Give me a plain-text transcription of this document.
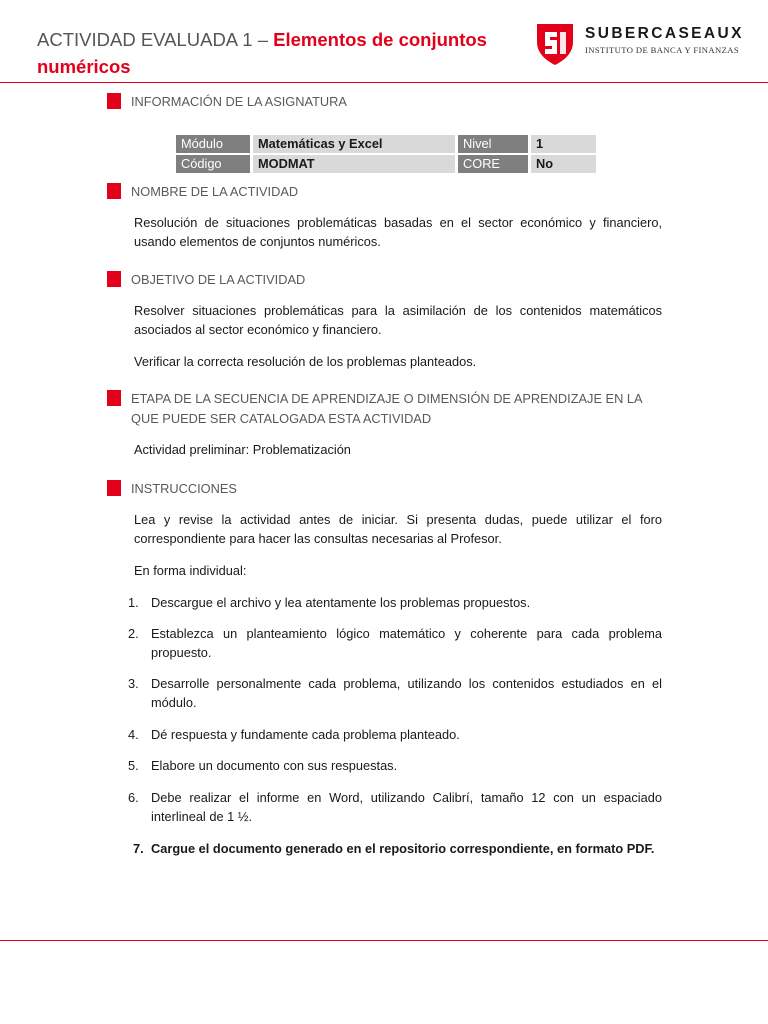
ACTIVIDAD EVALUADA 1 – Elementos de conjuntos numéricos
SUBERCASEAUX
INSTITUTO DE BANCA Y FINANZAS
INFORMACIÓN DE LA ASIGNATURA
Módulo	Matemáticas y Excel	Nivel	1
Código	MODMAT	CORE	No
NOMBRE DE LA ACTIVIDAD
Resolución de situaciones problemáticas basadas en el sector económico y financiero, usando elementos de conjuntos numéricos.
OBJETIVO DE LA ACTIVIDAD
Resolver situaciones problemáticas para la asimilación de los contenidos matemáticos asociados al sector económico y financiero.
Verificar la correcta resolución de los problemas planteados.
ETAPA DE LA SECUENCIA DE APRENDIZAJE O DIMENSIÓN DE APRENDIZAJE EN LA QUE PUEDE SER CATALOGADA ESTA ACTIVIDAD
Actividad preliminar: Problematización
INSTRUCCIONES
Lea y revise la actividad antes de iniciar. Si presenta dudas, puede utilizar el foro correspondiente para hacer las consultas necesarias al Profesor.
En forma individual:
1. Descargue el archivo y lea atentamente los problemas propuestos.
2. Establezca un planteamiento lógico matemático y coherente para cada problema propuesto.
3. Desarrolle personalmente cada problema, utilizando los contenidos estudiados en el módulo.
4. Dé respuesta y fundamente cada problema planteado.
5. Elabore un documento con sus respuestas.
6. Debe realizar el informe en Word, utilizando Calibrí, tamaño 12 con un espaciado interlineal de 1 ½.
7. Cargue el documento generado en el repositorio correspondiente, en formato PDF.
